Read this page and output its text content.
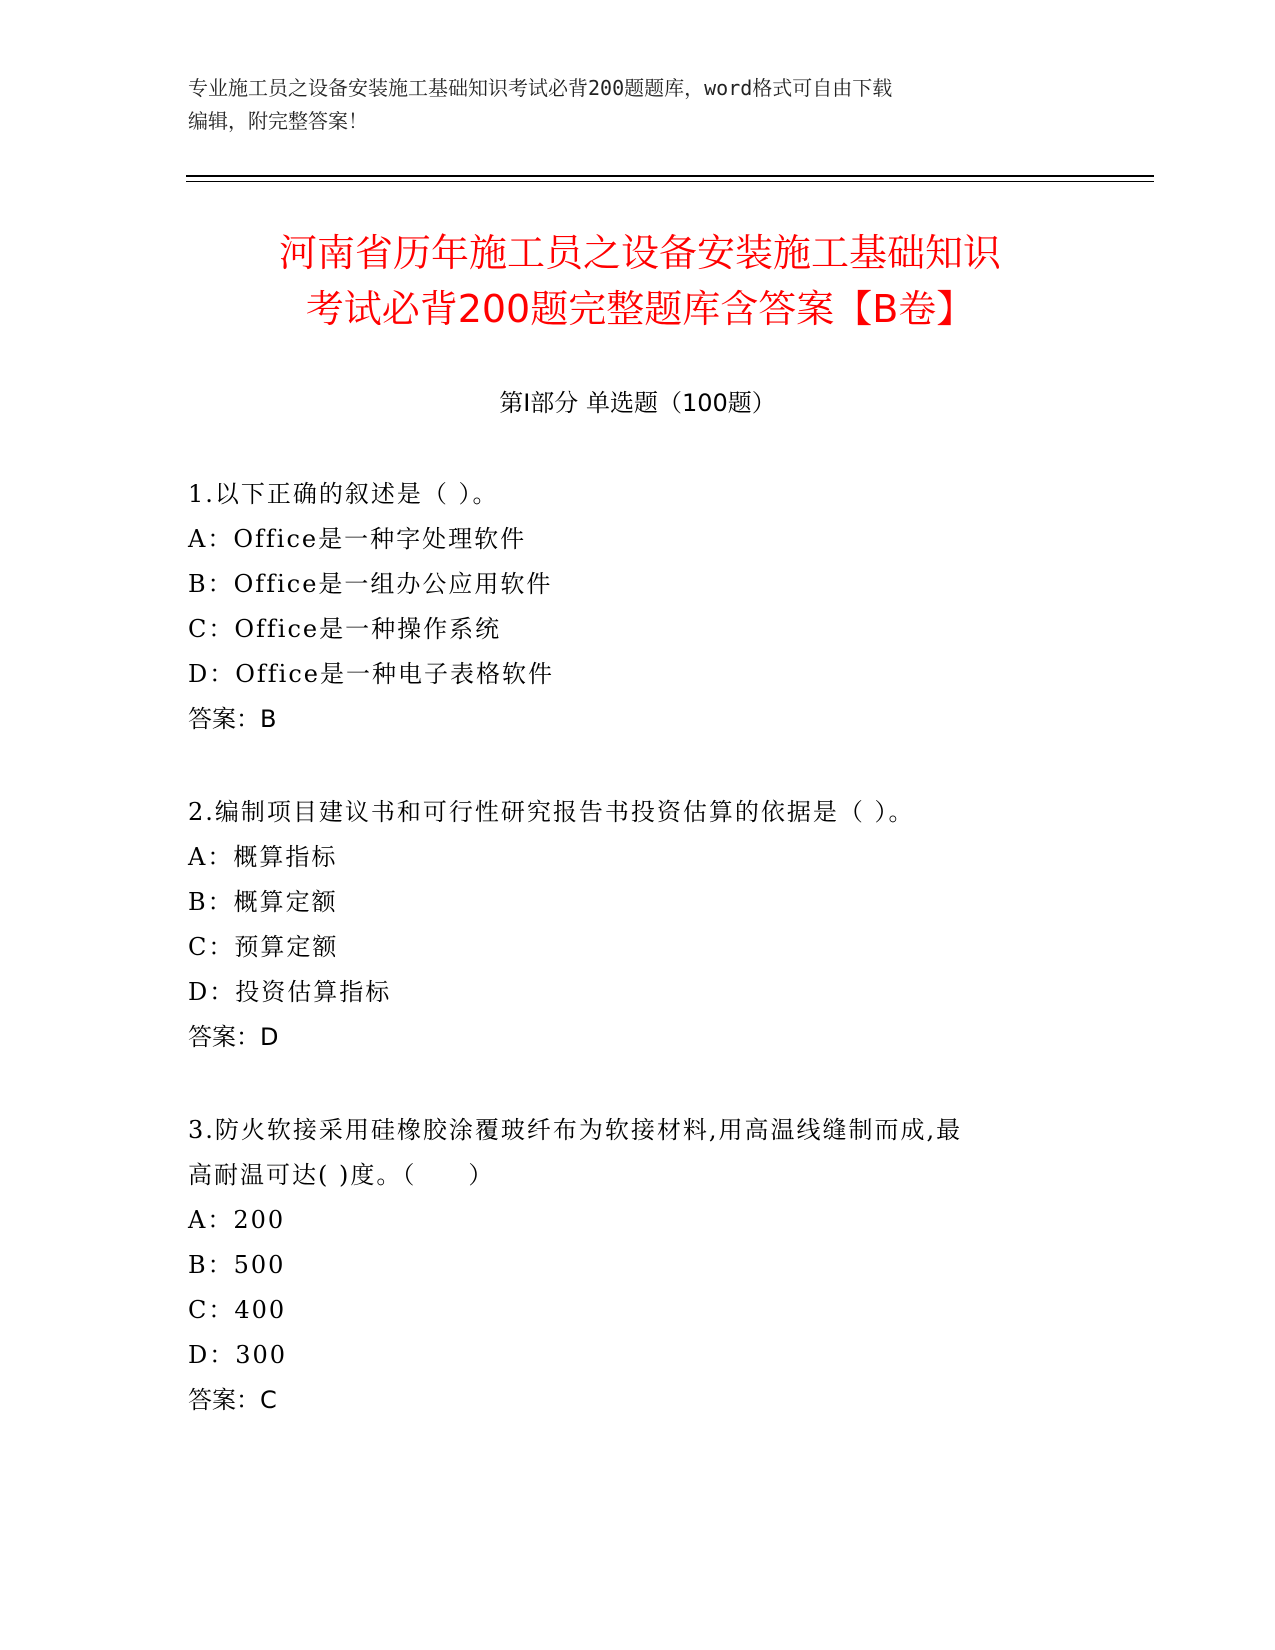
专业施工员之设备安装施工基础知识考试必背200题题库，word格式可自由下载
编辑，附完整答案！
河南省历年施工员之设备安装施工基础知识
考试必背200题完整题库含答案【B卷】
第Ⅰ部分 单选题（100题）
1.以下正确的叙述是（ ）。
A：Office是一种字处理软件
B：Office是一组办公应用软件
C：Office是一种操作系统
D：Office是一种电子表格软件
答案：B
2.编制项目建议书和可行性研究报告书投资估算的依据是（ ）。
A：概算指标
B：概算定额
C：预算定额
D：投资估算指标
答案：D
3.防火软接采用硅橡胶涂覆玻纤布为软接材料,用高温线缝制而成,最
高耐温可达( )度。（　　）
A：200
B：500
C：400
D：300
答案：C
